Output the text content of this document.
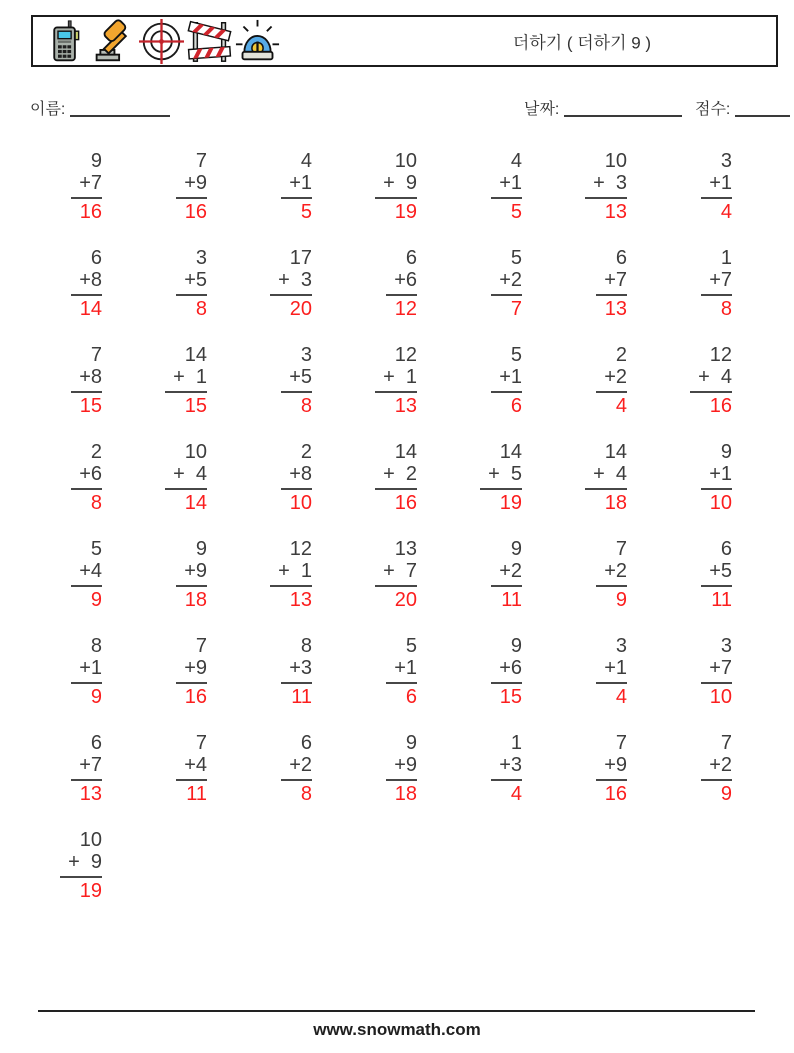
더하기 ( 더하기 9 )
이름:	날짜:	점수:
9
+ 7
16
7
+ 9
16
4
+ 1
5
10
+ 9
19
4
+ 1
5
10
+ 3
13
3
+ 1
4
6
+ 8
14
3
+ 5
8
17
+ 3
20
6
+ 6
12
5
+ 2
7
6
+ 7
13
1
+ 7
8
7
+ 8
15
14
+ 1
15
3
+ 5
8
12
+ 1
13
5
+ 1
6
2
+ 2
4
12
+ 4
16
2
+ 6
8
10
+ 4
14
2
+ 8
10
14
+ 2
16
14
+ 5
19
14
+ 4
18
9
+ 1
10
5
+ 4
9
9
+ 9
18
12
+ 1
13
13
+ 7
20
9
+ 2
11
7
+ 2
9
6
+ 5
11
8
+ 1
9
7
+ 9
16
8
+ 3
11
5
+ 1
6
9
+ 6
15
3
+ 1
4
3
+ 7
10
6
+ 7
13
7
+ 4
11
6
+ 2
8
9
+ 9
18
1
+ 3
4
7
+ 9
16
7
+ 2
9
10
+ 9
19
www.snowmath.com
